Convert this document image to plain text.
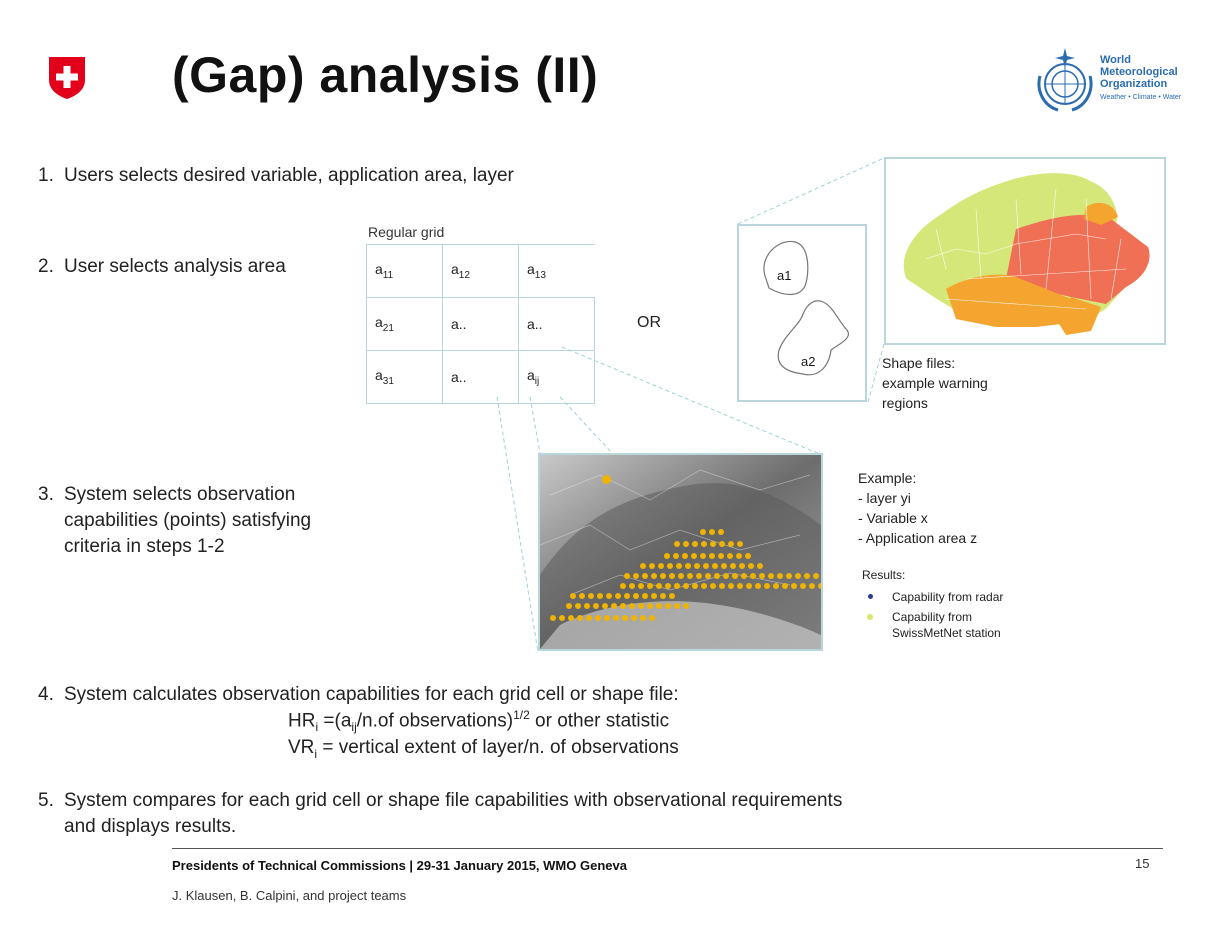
(Gap) analysis (II)	World
Meteorological
Organization
Weather • Climate • Water
1. Users selects desired variable, application area, layer
2. User selects analysis area
Regular grid
$a_{11}$	$a_{12}$	$a_{13}$
$a_{21}$	a..	a..
$a_{31}$	a..	$a_{ij}$
OR
a1
a2	Shape files:
example warning
regions
Example:
- layer yi
- Variable x
- Application area z
Results:
Capability from radar
Capability from
SwissMetNet station
3. System selects observation
capabilities (points) satisfying
criteria in steps 1-2
4. System calculates observation capabilities for each grid cell or shape file:
$HR_i =(a_{ij}/n.of$ observations)$^{1/2}$ or other statistic
$VR_i$ = vertical extent of layer/n. of observations
5. System compares for each grid cell or shape file capabilities with observational requirements
and displays results.
Presidents of Technical Commissions | 29-31 January 2015, WMO Geneva
J. Klausen, B. Calpini, and project teams
15
